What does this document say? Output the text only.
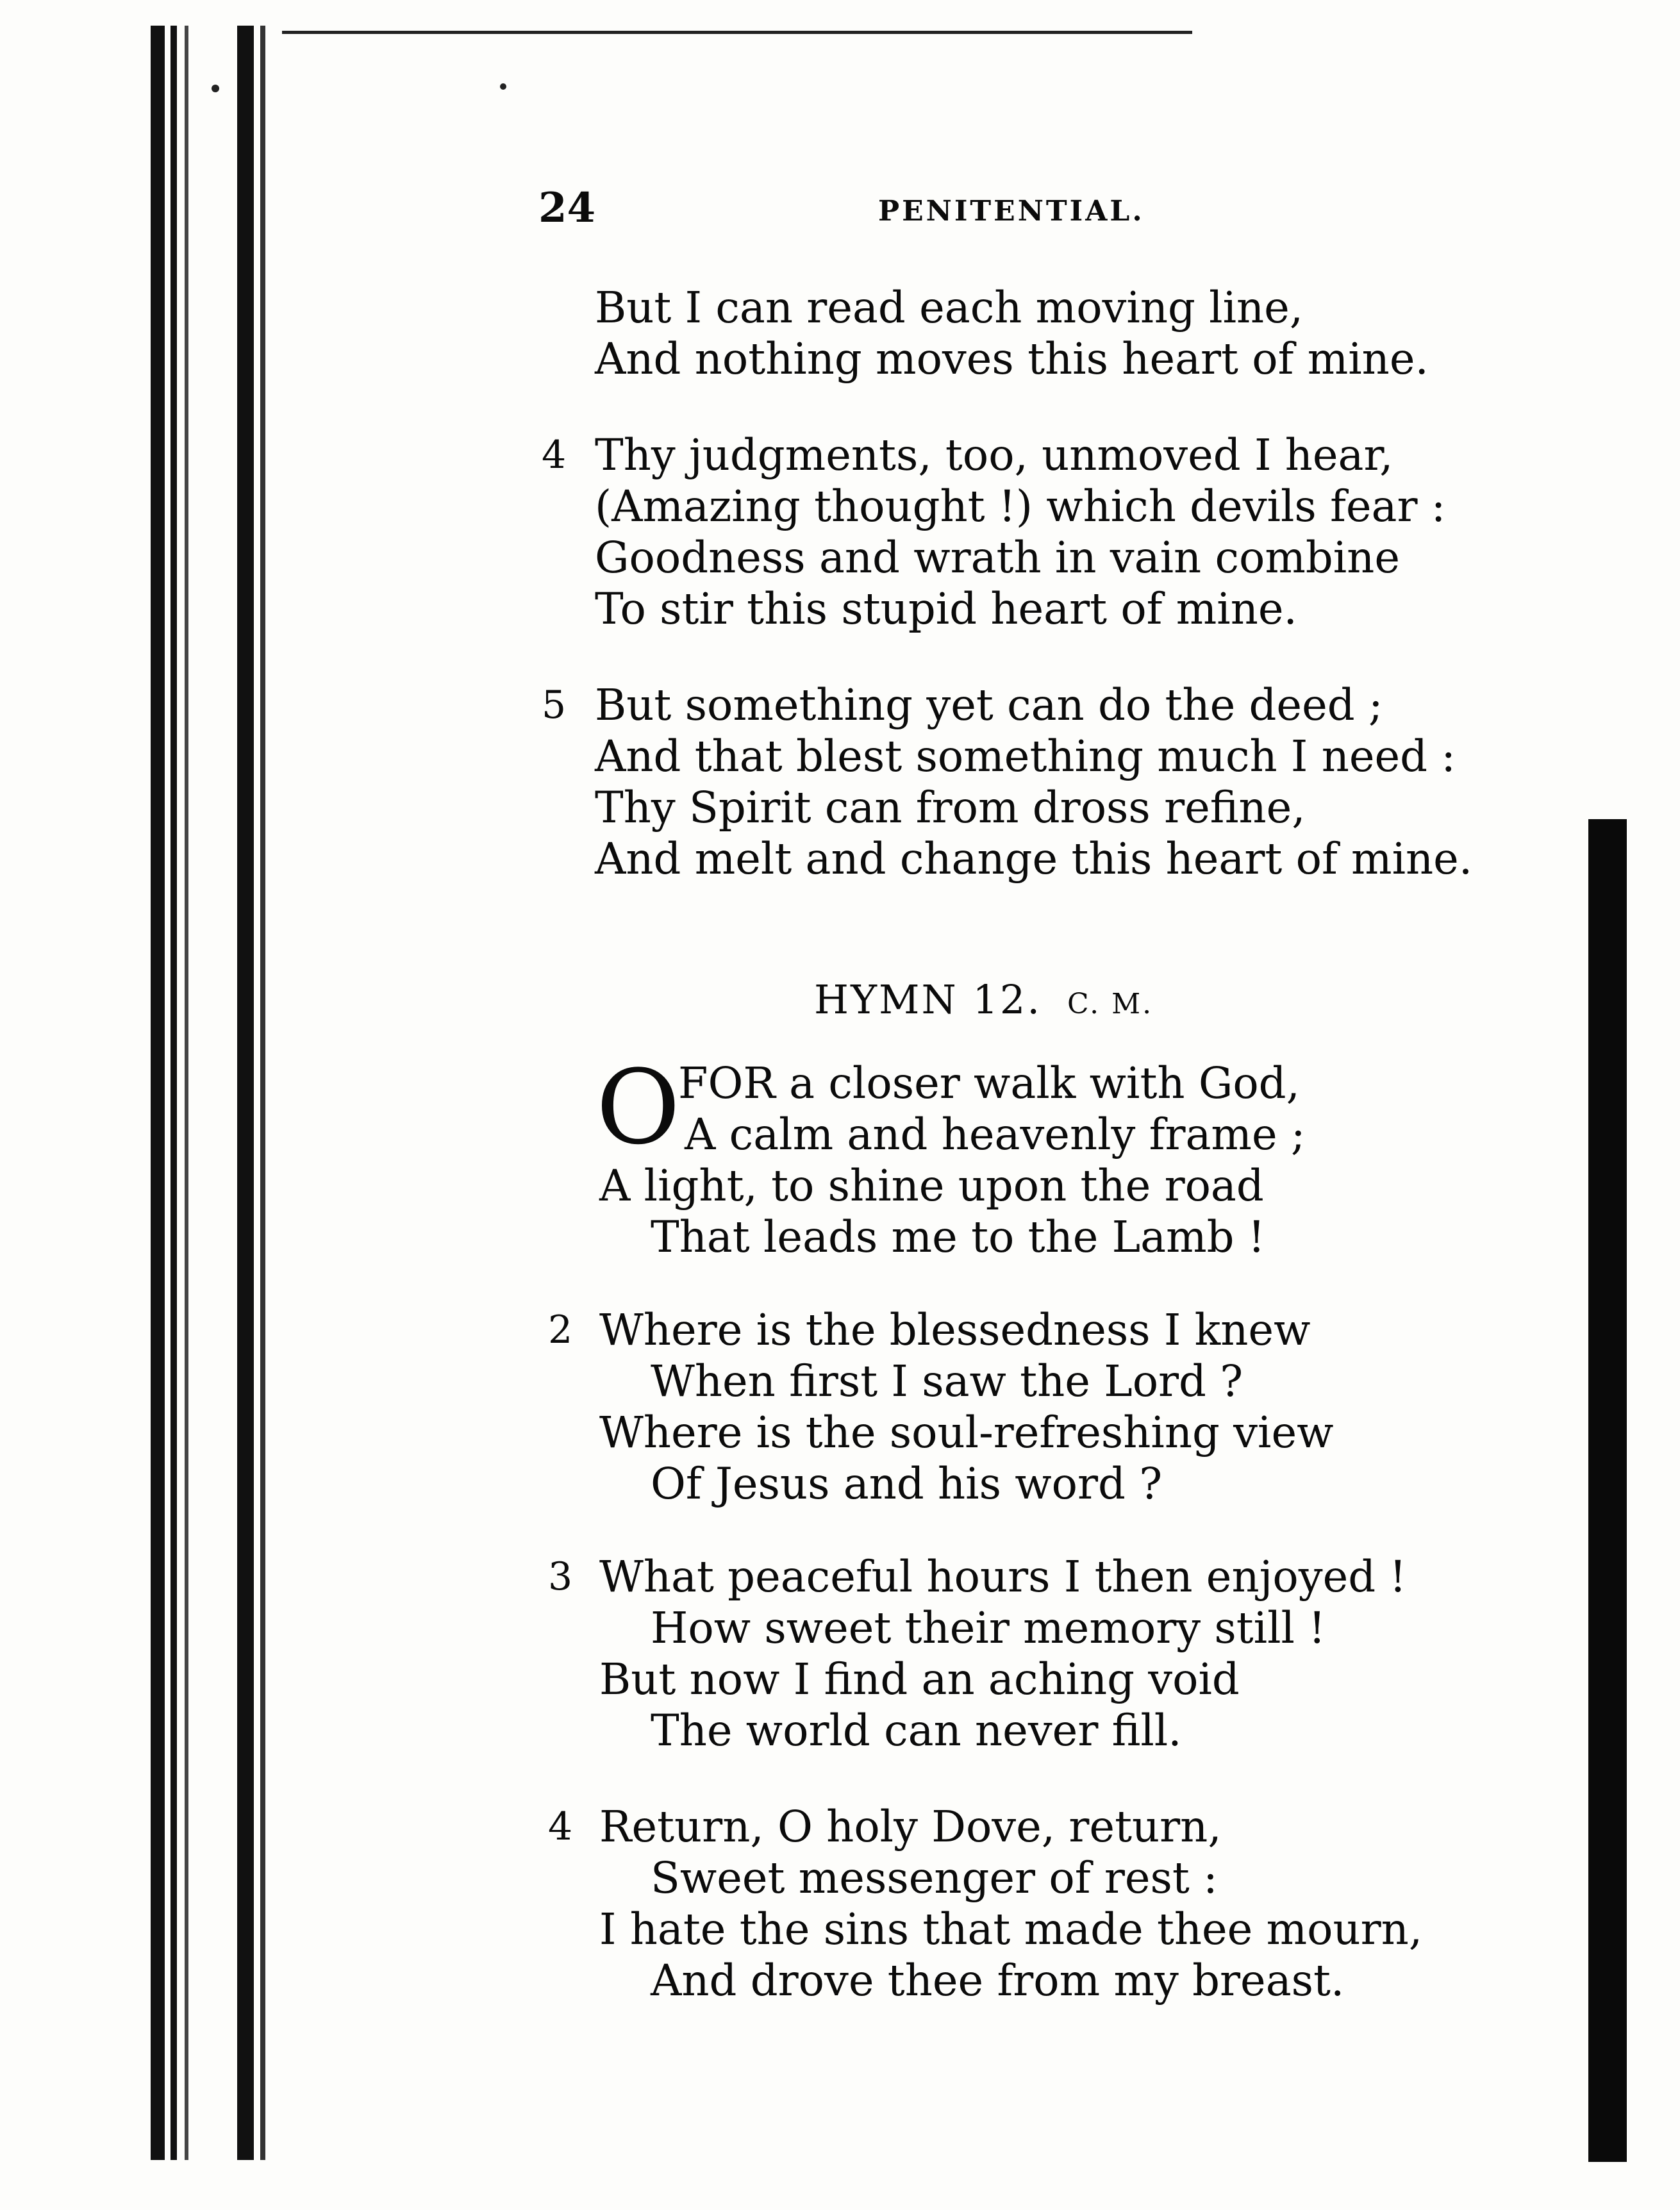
24	PENITENTIAL.
But I can read each moving line,
And nothing moves this heart of mine.
4 Thy judgments, too, unmoved I hear,
(Amazing thought !) which devils fear :
Goodness and wrath in vain combine
To stir this stupid heart of mine.
5 But something yet can do the deed ;
And that blest something much I need :
Thy Spirit can from dross refine,
And melt and change this heart of mine.
HYMN 12. C. M.
O
FOR a closer walk with God,
A calm and heavenly frame ;
A light, to shine upon the road
That leads me to the Lamb !
2 Where is the blessedness I knew
When first I saw the Lord ?
Where is the soul-refreshing view
Of Jesus and his word ?
3 What peaceful hours I then enjoyed !
How sweet their memory still !
But now I find an aching void
The world can never fill.
4 Return, O holy Dove, return,
Sweet messenger of rest :
I hate the sins that made thee mourn,
And drove thee from my breast.
